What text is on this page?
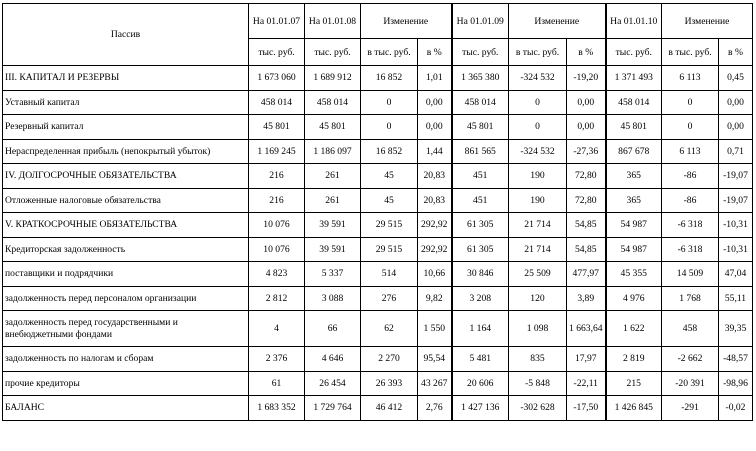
Пассив	На 01.01.07	На 01.01.08	Изменение		На 01.01.09	Изменение		На 01.01.10	Изменение	
	тыс. руб.	тыс. руб.	в тыс. руб.	в %	тыс. руб.	в тыс. руб.	в %	тыс. руб.	в тыс. руб.	в %
III. КАПИТАЛ И РЕЗЕРВЫ	1 673 060	1 689 912	16 852	1,01	1 365 380	-324 532	-19,20	1 371 493	6 113	0,45
Уставный капитал	458 014	458 014	0	0,00	458 014	0	0,00	458 014	0	0,00
Резервный капитал	45 801	45 801	0	0,00	45 801	0	0,00	45 801	0	0,00
Нераспределенная прибыль (непокрытый убыток)	1 169 245	1 186 097	16 852	1,44	861 565	-324 532	-27,36	867 678	6 113	0,71
IV. ДОЛГОСРОЧНЫЕ ОБЯЗАТЕЛЬСТВА	216	261	45	20,83	451	190	72,80	365	-86	-19,07
Отложенные налоговые обязательства	216	261	45	20,83	451	190	72,80	365	-86	-19,07
V. КРАТКОСРОЧНЫЕ ОБЯЗАТЕЛЬСТВА	10 076	39 591	29 515	292,92	61 305	21 714	54,85	54 987	-6 318	-10,31
Кредиторская задолженность	10 076	39 591	29 515	292,92	61 305	21 714	54,85	54 987	-6 318	-10,31
поставщики и подрядчики	4 823	5 337	514	10,66	30 846	25 509	477,97	45 355	14 509	47,04
задолженность перед персоналом организации	2 812	3 088	276	9,82	3 208	120	3,89	4 976	1 768	55,11
задолженность перед государственными и внебюджетными фондами	4	66	62	1 550	1 164	1 098	1 663,64	1 622	458	39,35
задолженность по налогам и сборам	2 376	4 646	2 270	95,54	5 481	835	17,97	2 819	-2 662	-48,57
прочие кредиторы	61	26 454	26 393	43 267	20 606	-5 848	-22,11	215	-20 391	-98,96
БАЛАНС	1 683 352	1 729 764	46 412	2,76	1 427 136	-302 628	-17,50	1 426 845	-291	-0,02
